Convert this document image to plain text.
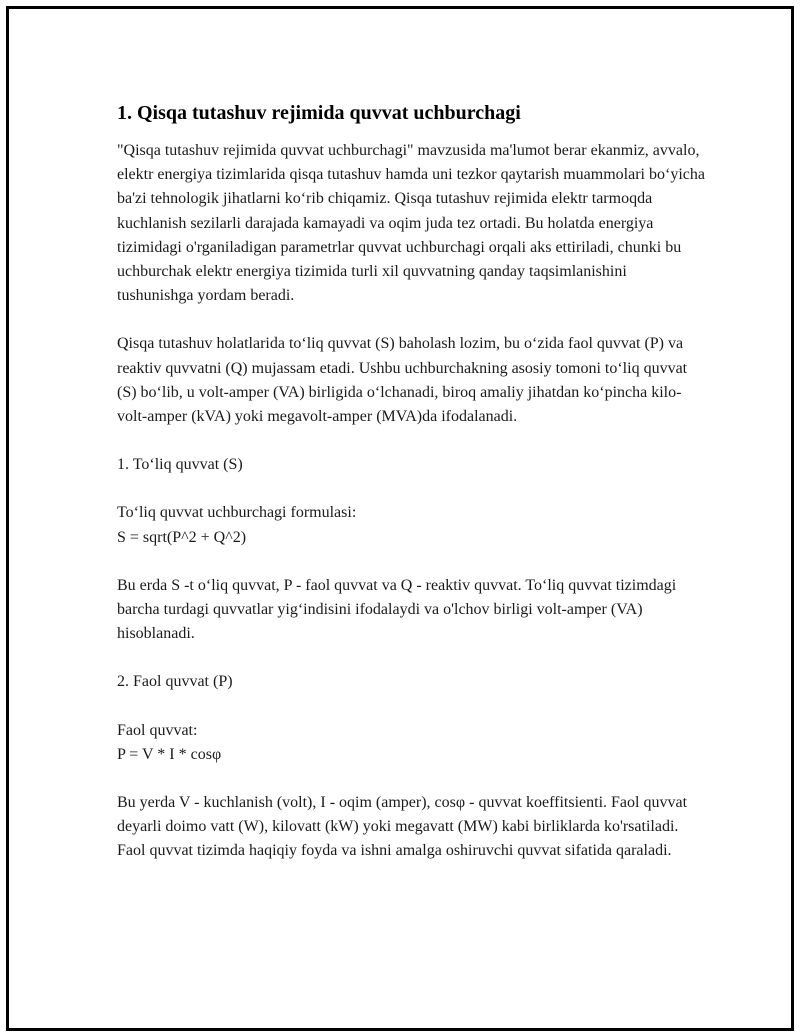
1. Qisqa tutashuv rejimida quvvat uchburchagi

"Qisqa tutashuv rejimida quvvat uchburchagi" mavzusida ma'lumot berar ekanmiz, avvalo, elektr energiya tizimlarida qisqa tutashuv hamda uni tezkor qaytarish muammolari bo‘yicha ba'zi tehnologik jihatlarni ko‘rib chiqamiz. Qisqa tutashuv rejimida elektr tarmoqda kuchlanish sezilarli darajada kamayadi va oqim juda tez ortadi. Bu holatda energiya tizimidagi o'rganiladigan parametrlar quvvat uchburchagi orqali aks ettiriladi, chunki bu uchburchak elektr energiya tizimida turli xil quvvatning qanday taqsimlanishini tushunishga yordam beradi.

Qisqa tutashuv holatlarida to‘liq quvvat (S) baholash lozim, bu o‘zida faol quvvat (P) va reaktiv quvvatni (Q) mujassam etadi. Ushbu uchburchakning asosiy tomoni to‘liq quvvat (S) bo‘lib, u volt-amper (VA) birligida o‘lchanadi, biroq amaliy jihatdan ko‘pincha kilo-volt-amper (kVA) yoki megavolt-amper (MVA)da ifodalanadi.

1. To‘liq quvvat (S)

To‘liq quvvat uchburchagi formulasi:
S = sqrt(P^2 + Q^2)

Bu erda S -t o‘liq quvvat, P - faol quvvat va Q - reaktiv quvvat. To‘liq quvvat tizimdagi barcha turdagi quvvatlar yig‘indisini ifodalaydi va o'lchov birligi volt-amper (VA) hisoblanadi.

2. Faol quvvat (P)

Faol quvvat:
P = V * I * cosφ

Bu yerda V - kuchlanish (volt), I - oqim (amper), cosφ - quvvat koeffitsienti. Faol quvvat deyarli doimo vatt (W), kilovatt (kW) yoki megavatt (MW) kabi birliklarda ko'rsatiladi. Faol quvvat tizimda haqiqiy foyda va ishni amalga oshiruvchi quvvat sifatida qaraladi.
